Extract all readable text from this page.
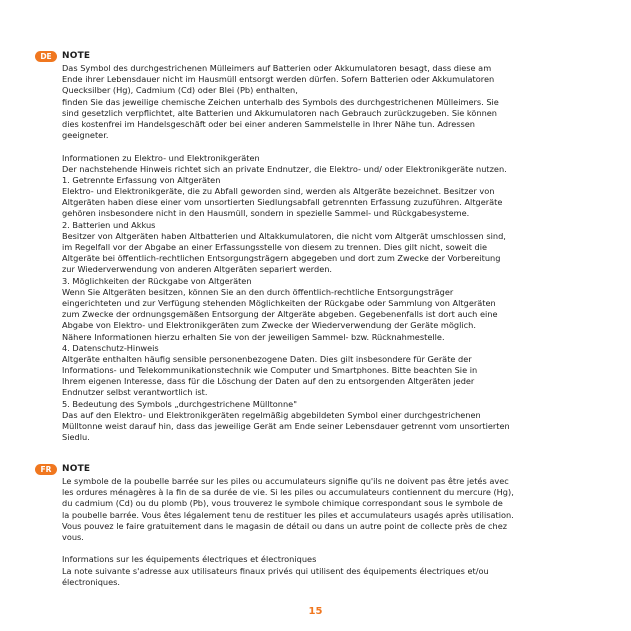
DE	NOTE
Das Symbol des durchgestrichenen Mülleimers auf Batterien oder Akkumulatoren besagt, dass diese am
Ende ihrer Lebensdauer nicht im Hausmüll entsorgt werden dürfen. Sofern Batterien oder Akkumulatoren
Quecksilber (Hg), Cadmium (Cd) oder Blei (Pb) enthalten,
finden Sie das jeweilige chemische Zeichen unterhalb des Symbols des durchgestrichenen Mülleimers. Sie
sind gesetzlich verpflichtet, alte Batterien und Akkumulatoren nach Gebrauch zurückzugeben. Sie können
dies kostenfrei im Handelsgeschäft oder bei einer anderen Sammelstelle in Ihrer Nähe tun. Adressen
geeigneter.
Informationen zu Elektro- und Elektronikgeräten
Der nachstehende Hinweis richtet sich an private Endnutzer, die Elektro- und/ oder Elektronikgeräte nutzen.
1. Getrennte Erfassung von Altgeräten
Elektro- und Elektronikgeräte, die zu Abfall geworden sind, werden als Altgeräte bezeichnet. Besitzer von
Altgeräten haben diese einer vom unsortierten Siedlungsabfall getrennten Erfassung zuzuführen. Altgeräte
gehören insbesondere nicht in den Hausmüll, sondern in spezielle Sammel- und Rückgabesysteme.
2. Batterien und Akkus
Besitzer von Altgeräten haben Altbatterien und Altakkumulatoren, die nicht vom Altgerät umschlossen sind,
im Regelfall vor der Abgabe an einer Erfassungsstelle von diesem zu trennen. Dies gilt nicht, soweit die
Altgeräte bei öffentlich-rechtlichen Entsorgungsträgern abgegeben und dort zum Zwecke der Vorbereitung
zur Wiederverwendung von anderen Altgeräten separiert werden.
3. Möglichkeiten der Rückgabe von Altgeräten
Wenn Sie Altgeräten besitzen, können Sie an den durch öffentlich-rechtliche Entsorgungsträger
eingerichteten und zur Verfügung stehenden Möglichkeiten der Rückgabe oder Sammlung von Altgeräten
zum Zwecke der ordnungsgemäßen Entsorgung der Altgeräte abgeben. Gegebenenfalls ist dort auch eine
Abgabe von Elektro- und Elektronikgeräten zum Zwecke der Wiederverwendung der Geräte möglich.
Nähere Informationen hierzu erhalten Sie von der jeweiligen Sammel- bzw. Rücknahmestelle.
4. Datenschutz-Hinweis
Altgeräte enthalten häufig sensible personenbezogene Daten. Dies gilt insbesondere für Geräte der
Informations- und Telekommunikationstechnik wie Computer und Smartphones. Bitte beachten Sie in
Ihrem eigenen Interesse, dass für die Löschung der Daten auf den zu entsorgenden Altgeräten jeder
Endnutzer selbst verantwortlich ist.
5. Bedeutung des Symbols „durchgestrichene Mülltonne"
Das auf den Elektro- und Elektronikgeräten regelmäßig abgebildeten Symbol einer durchgestrichenen
Mülltonne weist darauf hin, dass das jeweilige Gerät am Ende seiner Lebensdauer getrennt vom unsortierten
Siedlu.
FR	NOTE
Le symbole de la poubelle barrée sur les piles ou accumulateurs signifie qu'ils ne doivent pas être jetés avec
les ordures ménagères à la fin de sa durée de vie. Si les piles ou accumulateurs contiennent du mercure (Hg),
du cadmium (Cd) ou du plomb (Pb), vous trouverez le symbole chimique correspondant sous le symbole de
la poubelle barrée. Vous êtes légalement tenu de restituer les piles et accumulateurs usagés après utilisation.
Vous pouvez le faire gratuitement dans le magasin de détail ou dans un autre point de collecte près de chez
vous.
Informations sur les équipements électriques et électroniques
La note suivante s'adresse aux utilisateurs finaux privés qui utilisent des équipements électriques et/ou
électroniques.
15
